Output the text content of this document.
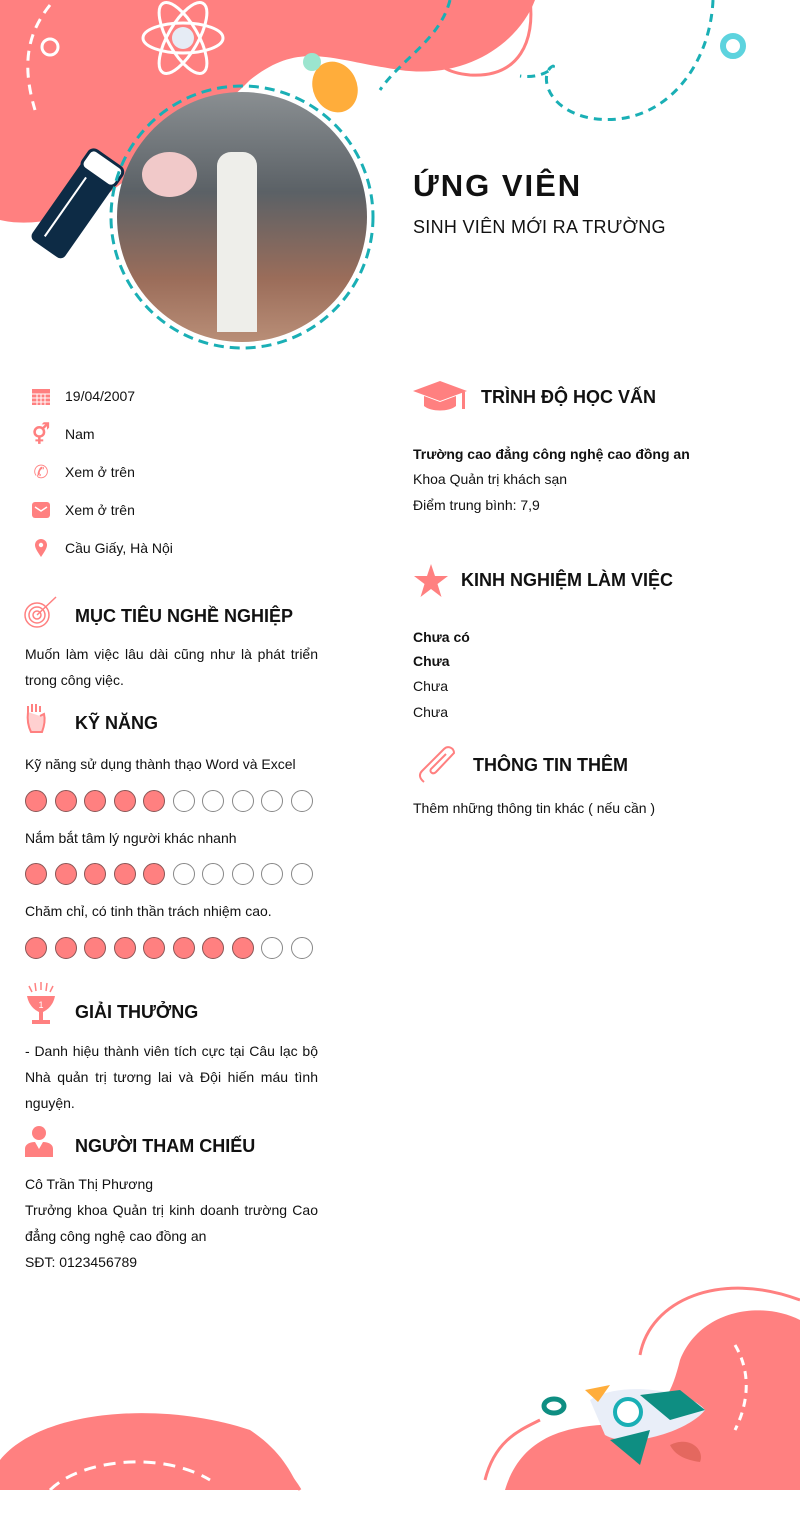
ỨNG VIÊN
SINH VIÊN MỚI RA TRƯỜNG
19/04/2007
⚥ Nam
✆ Xem ở trên
Xem ở trên
Cầu Giấy, Hà Nội
MỤC TIÊU NGHỀ NGHIỆP
Muốn làm việc lâu dài cũng như là phát triển trong công việc.
KỸ NĂNG
Kỹ năng sử dụng thành thạo Word và Excel
Nắm bắt tâm lý người khác nhanh
Chăm chỉ, có tinh thần trách nhiệm cao.
1 GIẢI THƯỞNG
- Danh hiệu thành viên tích cực tại Câu lạc bộ Nhà quản trị tương lai và Đội hiến máu tình nguyện.
NGƯỜI THAM CHIẾU
Cô Trần Thị Phương
Trưởng khoa Quản trị kinh doanh trường Cao đẳng công nghệ cao đồng an
SĐT: 0123456789
TRÌNH ĐỘ HỌC VẤN
Trường cao đẳng công nghệ cao đồng an
Khoa Quản trị khách sạn
Điểm trung bình: 7,9
KINH NGHIỆM LÀM VIỆC
Chưa có
Chưa
Chưa
Chưa
THÔNG TIN THÊM
Thêm những thông tin khác ( nếu cần )
